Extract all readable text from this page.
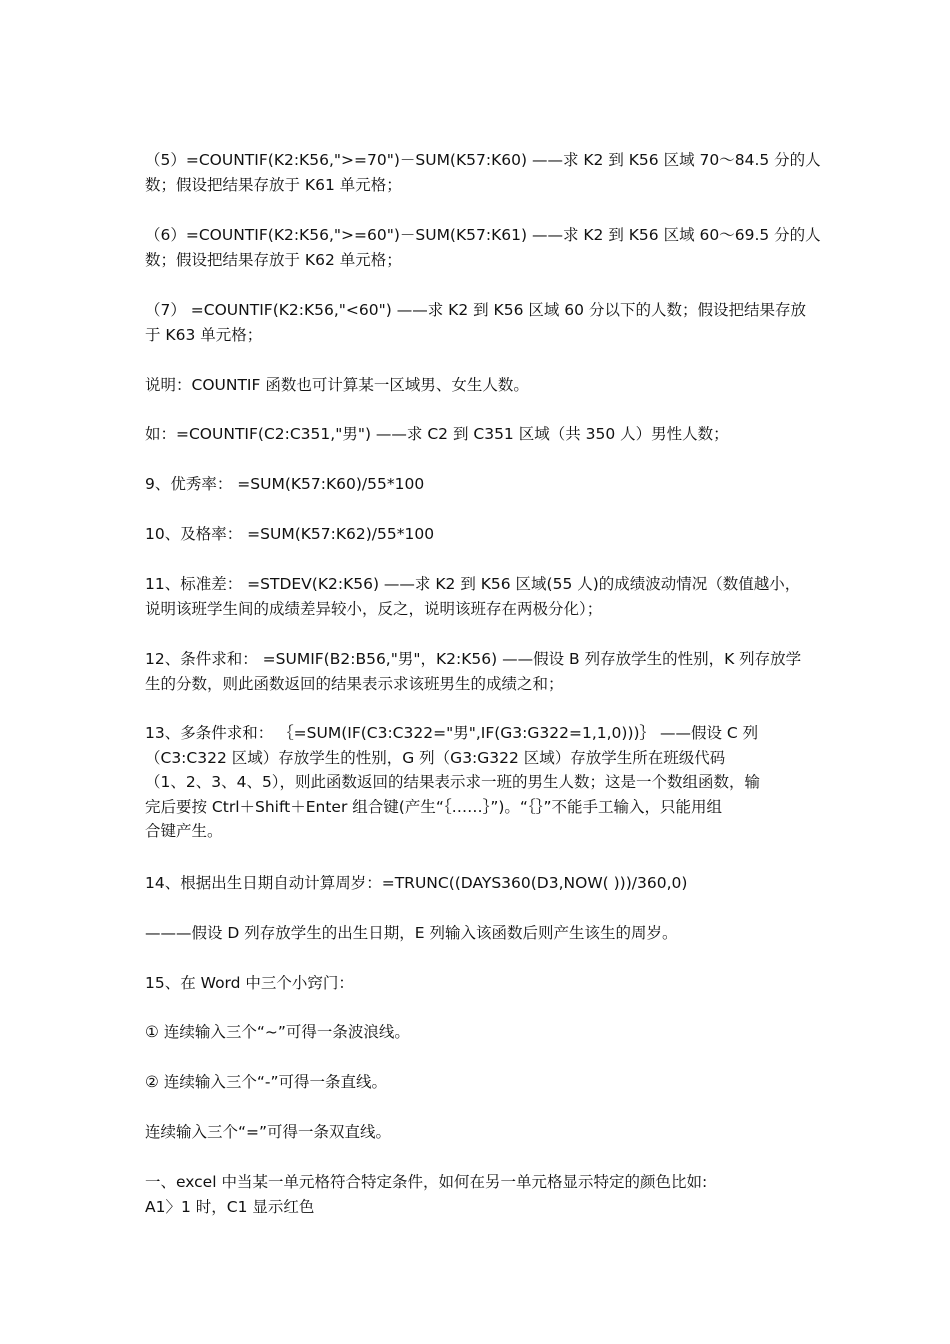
（5）=COUNTIF(K2:K56,">=70")－SUM(K57:K60) ——求 K2 到 K56 区域 70～84.5 分的人
数；假设把结果存放于 K61 单元格；
（6）=COUNTIF(K2:K56,">=60")－SUM(K57:K61) ——求 K2 到 K56 区域 60～69.5 分的人
数；假设把结果存放于 K62 单元格；
（7） =COUNTIF(K2:K56,"<60") ——求 K2 到 K56 区域 60 分以下的人数；假设把结果存放
于 K63 单元格；
说明：COUNTIF 函数也可计算某一区域男、女生人数。
如：=COUNTIF(C2:C351,"男") ——求 C2 到 C351 区域（共 350 人）男性人数；
9、优秀率： =SUM(K57:K60)/55*100
10、及格率： =SUM(K57:K62)/55*100
11、标准差： =STDEV(K2:K56) ——求 K2 到 K56 区域(55 人)的成绩波动情况（数值越小，
说明该班学生间的成绩差异较小，反之，说明该班存在两极分化）；
12、条件求和： =SUMIF(B2:B56,"男"，K2:K56) ——假设 B 列存放学生的性别，K 列存放学
生的分数，则此函数返回的结果表示求该班男生的成绩之和；
13、多条件求和： ｛=SUM(IF(C3:C322="男",IF(G3:G322=1,1,0)))｝ ——假设 C 列
（C3:C322 区域）存放学生的性别，G 列（G3:G322 区域）存放学生所在班级代码
（1、2、3、4、5），则此函数返回的结果表示求一班的男生人数；这是一个数组函数，输
完后要按 Ctrl＋Shift＋Enter 组合键(产生“｛……｝”)。“｛｝”不能手工输入，只能用组
合键产生。
14、根据出生日期自动计算周岁：=TRUNC((DAYS360(D3,NOW( )))/360,0)
———假设 D 列存放学生的出生日期，E 列输入该函数后则产生该生的周岁。
15、在 Word 中三个小窍门：
① 连续输入三个“~”可得一条波浪线。
② 连续输入三个“-”可得一条直线。
连续输入三个“=”可得一条双直线。
一、excel 中当某一单元格符合特定条件，如何在另一单元格显示特定的颜色比如:
A1〉1 时，C1 显示红色
